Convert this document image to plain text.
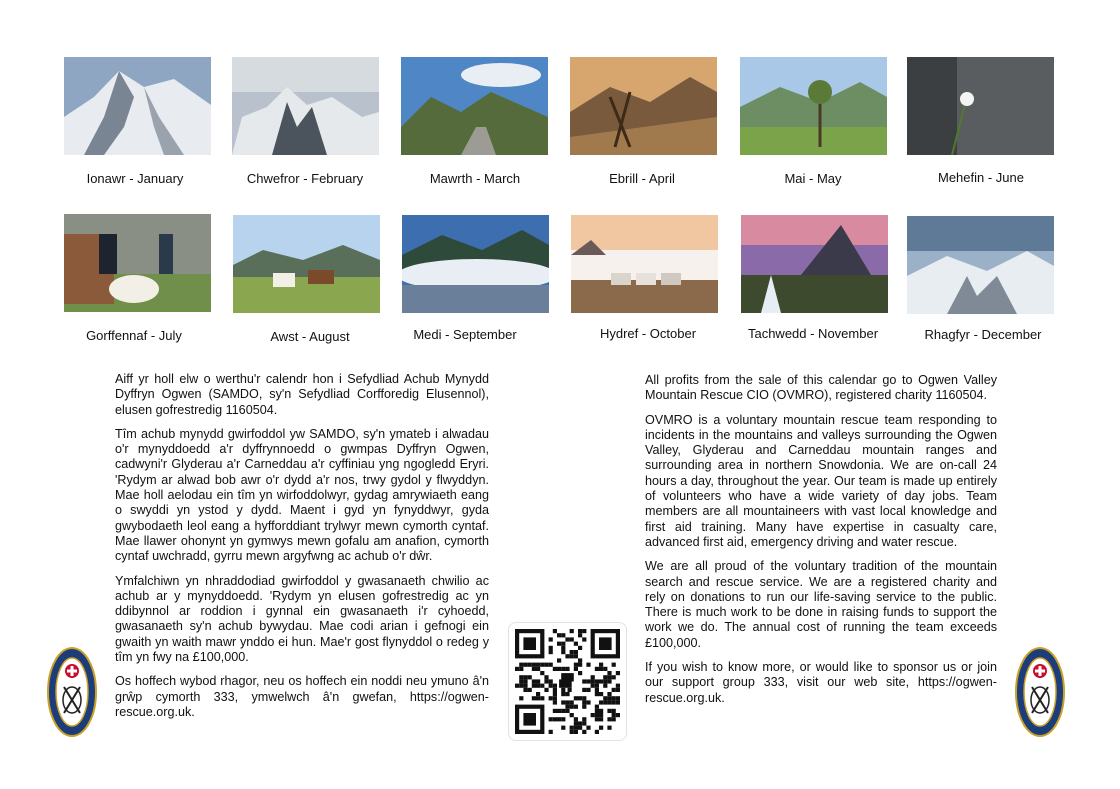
Ionawr - January	Chwefror - February	Mawrth - March	Ebrill - April	Mai - May	Mehefin - June
Gorffennaf - July	Awst - August	Medi - September	Hydref - October	Tachwedd - November	Rhagfyr - December

Aiff yr holl elw o werthu'r calendr hon i Sefydliad Achub Mynydd Dyffryn Ogwen (SAMDO, sy'n Sefydliad Corfforedig Elusennol), elusen gofrestredig 1160504.

Tîm achub mynydd gwirfoddol yw SAMDO, sy'n ymateb i alwadau o'r mynyddoedd a'r dyffrynnoedd o gwmpas Dyffryn Ogwen, cadwyni'r Glyderau a'r Carneddau a'r cyffiniau yng ngogledd Eryri. 'Rydym ar alwad bob awr o'r dydd a'r nos, trwy gydol y flwyddyn. Mae holl aelodau ein tîm yn wirfoddolwyr, gydag amrywiaeth eang o swyddi yn ystod y dydd. Maent i gyd yn fynyddwyr, gyda gwybodaeth leol eang a hyfforddiant trylwyr mewn cymorth cyntaf. Mae llawer ohonynt yn gymwys mewn gofalu am anafion, cymorth cyntaf uwchradd, gyrru mewn argyfwng ac achub o'r dŵr.

Ymfalchiwn yn nhraddodiad gwirfoddol y gwasanaeth chwilio ac achub ar y mynyddoedd. 'Rydym yn elusen gofrestredig ac yn ddibynnol ar roddion i gynnal ein gwasanaeth i'r cyhoedd, gwasanaeth sy'n achub bywydau. Mae codi arian i gefnogi ein gwaith yn waith mawr ynddo ei hun. Mae'r gost flynyddol o redeg y tîm yn fwy na £100,000.

Os hoffech wybod rhagor, neu os hoffech ein noddi neu ymuno â'n grŵp cymorth 333, ymwelwch â'n gwefan, https://ogwen-rescue.org.uk.

All profits from the sale of this calendar go to Ogwen Valley Mountain Rescue CIO (OVMRO), registered charity 1160504.

OVMRO is a voluntary mountain rescue team responding to incidents in the mountains and valleys surrounding the Ogwen Valley, Glyderau and Carneddau mountain ranges and surrounding area in northern Snowdonia. We are on-call 24 hours a day, throughout the year. Our team is made up entirely of volunteers who have a wide variety of day jobs. Team members are all mountaineers with vast local knowledge and first aid training. Many have expertise in casualty care, advanced first aid, emergency driving and water rescue.

We are all proud of the voluntary tradition of the mountain search and rescue service. We are a registered charity and rely on donations to run our life-saving service to the public. There is much work to be done in raising funds to support the work we do. The annual cost of running the team exceeds £100,000.

If you wish to know more, or would like to sponsor us or join our support group 333, visit our web site, https://ogwen-rescue.org.uk.
